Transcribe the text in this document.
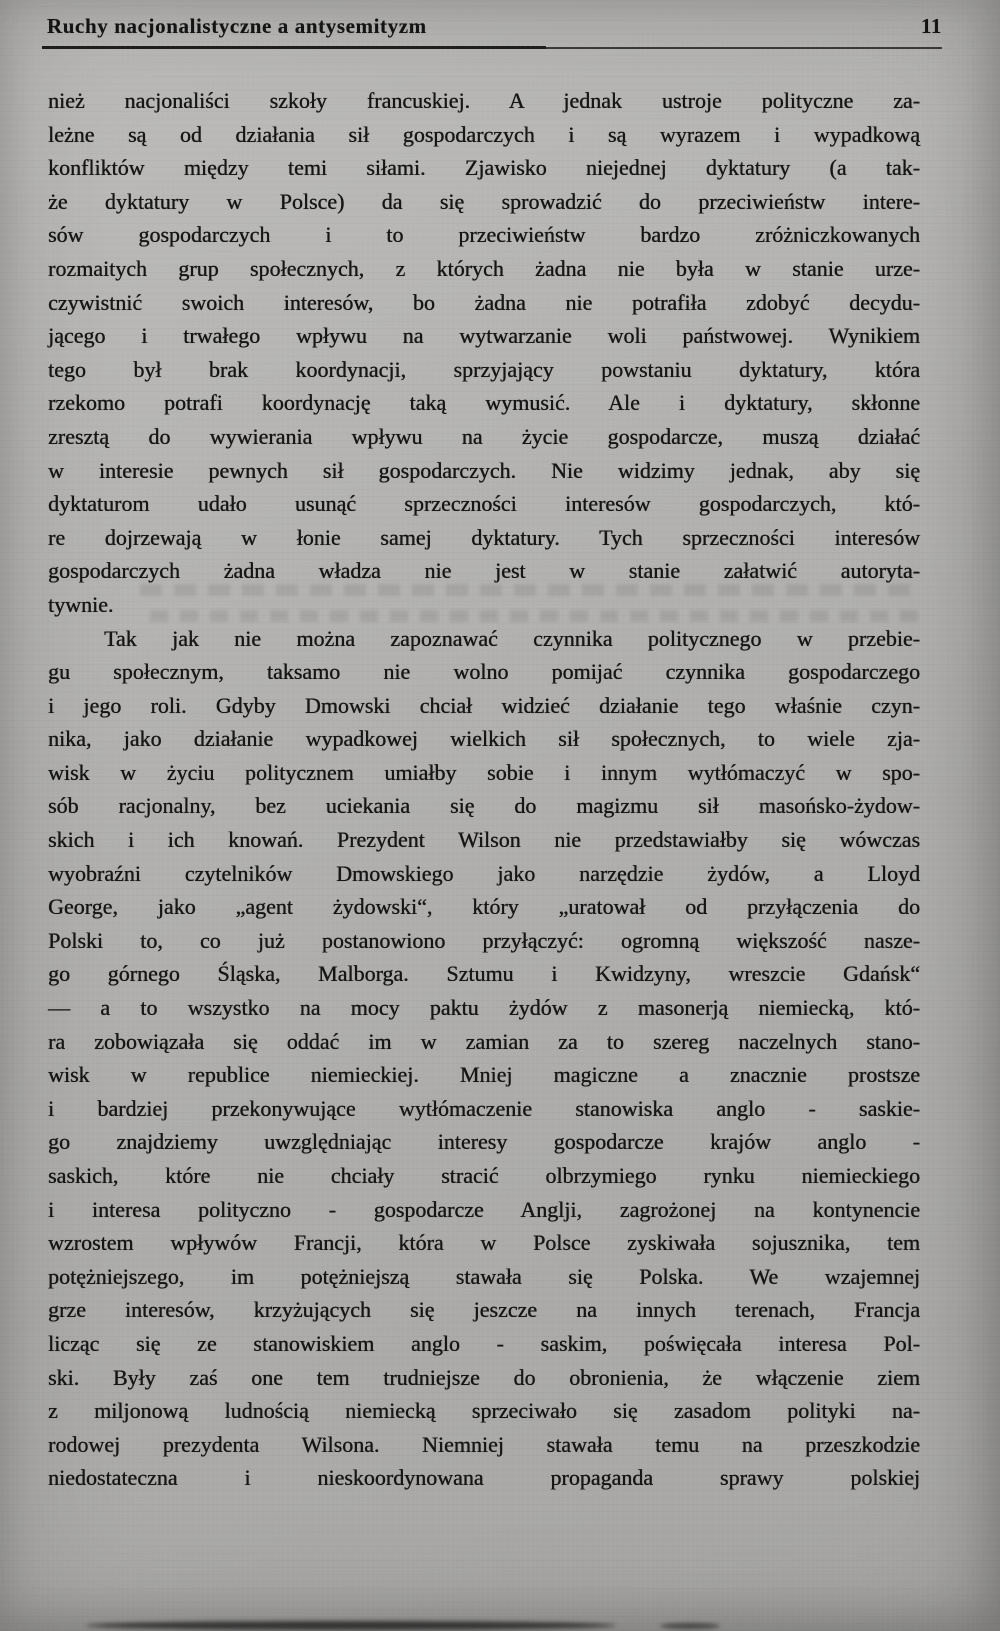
Ruchy nacjonalistyczne a antysemityzm	11
nież nacjonaliści szkoły francuskiej. A jednak ustroje polityczne za-
leżne są od działania sił gospodarczych i są wyrazem i wypadkową
konfliktów między temi siłami. Zjawisko niejednej dyktatury (a tak-
że dyktatury w Polsce) da się sprowadzić do przeciwieństw intere-
sów gospodarczych i to przeciwieństw bardzo zróżniczkowanych
rozmaitych grup społecznych, z których żadna nie była w stanie urze-
czywistnić swoich interesów, bo żadna nie potrafiła zdobyć decydu-
jącego i trwałego wpływu na wytwarzanie woli państwowej. Wynikiem
tego był brak koordynacji, sprzyjający powstaniu dyktatury, która
rzekomo potrafi koordynację taką wymusić. Ale i dyktatury, skłonne
zresztą do wywierania wpływu na życie gospodarcze, muszą działać
w interesie pewnych sił gospodarczych. Nie widzimy jednak, aby się
dyktaturom udało usunąć sprzeczności interesów gospodarczych, któ-
re dojrzewają w łonie samej dyktatury. Tych sprzeczności interesów
gospodarczych żadna władza nie jest w stanie załatwić autoryta-
tywnie.
Tak jak nie można zapoznawać czynnika politycznego w przebie-
gu społecznym, taksamo nie wolno pomijać czynnika gospodarczego
i jego roli. Gdyby Dmowski chciał widzieć działanie tego właśnie czyn-
nika, jako działanie wypadkowej wielkich sił społecznych, to wiele zja-
wisk w życiu politycznem umiałby sobie i innym wytłómaczyć w spo-
sób racjonalny, bez uciekania się do magizmu sił masońsko-żydow-
skich i ich knowań. Prezydent Wilson nie przedstawiałby się wówczas
wyobraźni czytelników Dmowskiego jako narzędzie żydów, a Lloyd
George, jako „agent żydowski“, który „uratował od przyłączenia do
Polski to, co już postanowiono przyłączyć: ogromną większość nasze-
go górnego Śląska, Malborga. Sztumu i Kwidzyny, wreszcie Gdańsk“
— a to wszystko na mocy paktu żydów z masonerją niemiecką, któ-
ra zobowiązała się oddać im w zamian za to szereg naczelnych stano-
wisk w republice niemieckiej. Mniej magiczne a znacznie prostsze
i bardziej przekonywujące wytłómaczenie stanowiska anglo - saskie-
go znajdziemy uwzględniając interesy gospodarcze krajów anglo -
saskich, które nie chciały stracić olbrzymiego rynku niemieckiego
i interesa polityczno - gospodarcze Anglji, zagrożonej na kontynencie
wzrostem wpływów Francji, która w Polsce zyskiwała sojusznika, tem
potężniejszego, im potężniejszą stawała się Polska. We wzajemnej
grze interesów, krzyżujących się jeszcze na innych terenach, Francja
licząc się ze stanowiskiem anglo - saskim, poświęcała interesa Pol-
ski. Były zaś one tem trudniejsze do obronienia, że włączenie ziem
z miljonową ludnością niemiecką sprzeciwało się zasadom polityki na-
rodowej prezydenta Wilsona. Niemniej stawała temu na przeszkodzie
niedostateczna i nieskoordynowana propaganda sprawy polskiej
